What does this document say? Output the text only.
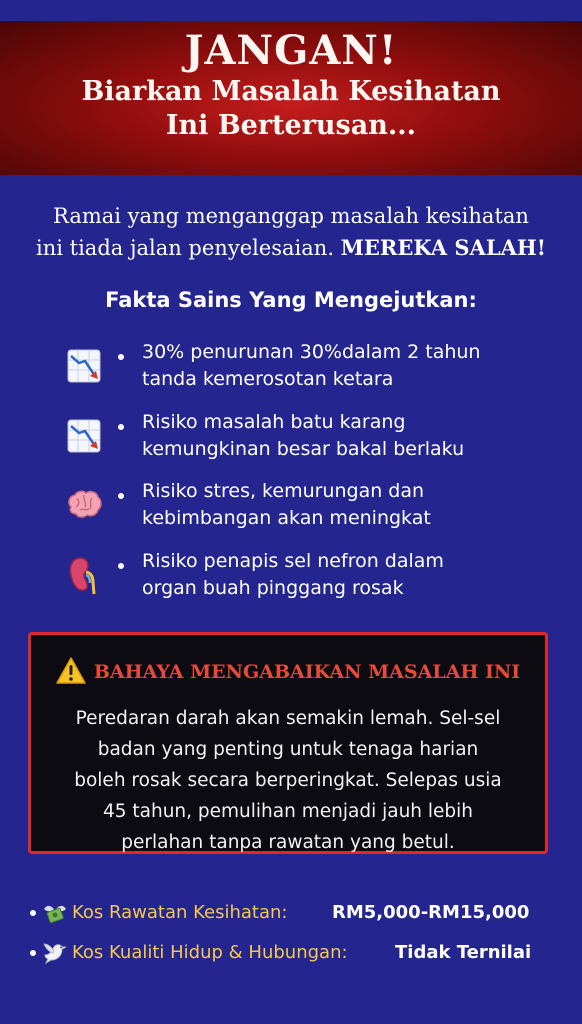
JANGAN!
Biarkan Masalah Kesihatan
Ini Berterusan...
Ramai yang menganggap masalah kesihatan
ini tiada jalan penyelesaian. MEREKA SALAH!
Fakta Sains Yang Mengejutkan:
30% penurunan 30%dalam 2 tahun
tanda kemerosotan ketara
Risiko masalah batu karang
kemungkinan besar bakal berlaku
Risiko stres, kemurungan dan
kebimbangan akan meningkat
Risiko penapis sel nefron dalam
organ buah pinggang rosak
BAHAYA MENGABAIKAN MASALAH INI
Peredaran darah akan semakin lemah. Sel-sel
badan yang penting untuk tenaga harian
boleh rosak secara berperingkat. Selepas usia
45 tahun, pemulihan menjadi jauh lebih
perlahan tanpa rawatan yang betul.
Kos Rawatan Kesihatan: RM5,000-RM15,000
Kos Kualiti Hidup & Hubungan:	Tidak Ternilai
